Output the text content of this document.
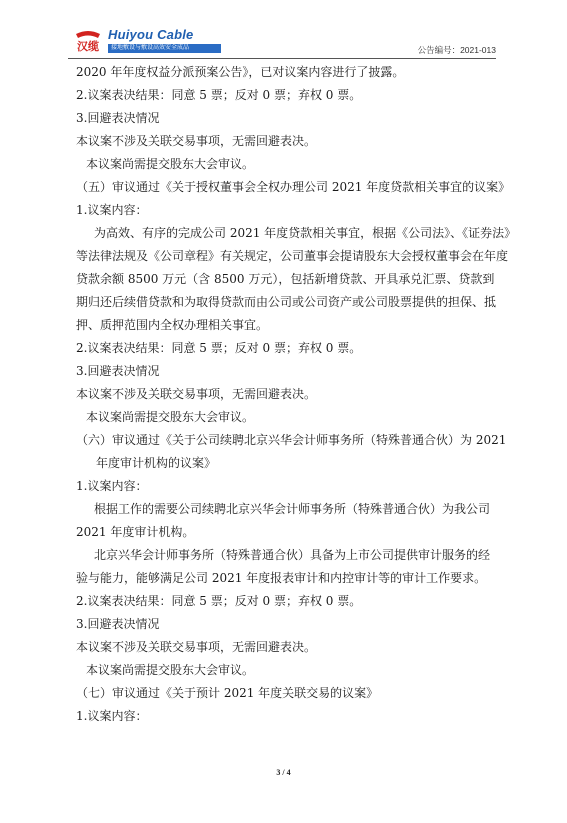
汉缆
Huiyou Cable
接地敷设与敷设高效安全成品	公告编号：2021-013
2020 年年度权益分派预案公告》，已对议案内容进行了披露。
2.议案表决结果：同意 5 票；反对 0 票；弃权 0 票。
3.回避表决情况
本议案不涉及关联交易事项，无需回避表决。
本议案尚需提交股东大会审议。
（五）审议通过《关于授权董事会全权办理公司 2021 年度贷款相关事宜的议案》
1.议案内容：
为高效、有序的完成公司 2021 年度贷款相关事宜，根据《公司法》、《证券法》
等法律法规及《公司章程》有关规定，公司董事会提请股东大会授权董事会在年度
贷款余额 8500 万元（含 8500 万元），包括新增贷款、开具承兑汇票、贷款到
期归还后续借贷款和为取得贷款而由公司或公司资产或公司股票提供的担保、抵
押、质押范围内全权办理相关事宜。
2.议案表决结果：同意 5 票；反对 0 票；弃权 0 票。
3.回避表决情况
本议案不涉及关联交易事项，无需回避表决。
本议案尚需提交股东大会审议。
（六）审议通过《关于公司续聘北京兴华会计师事务所（特殊普通合伙）为 2021
年度审计机构的议案》
1.议案内容：
根据工作的需要公司续聘北京兴华会计师事务所（特殊普通合伙）为我公司
2021 年度审计机构。
北京兴华会计师事务所（特殊普通合伙）具备为上市公司提供审计服务的经
验与能力，能够满足公司 2021 年度报表审计和内控审计等的审计工作要求。
2.议案表决结果：同意 5 票；反对 0 票；弃权 0 票。
3.回避表决情况
本议案不涉及关联交易事项，无需回避表决。
本议案尚需提交股东大会审议。
（七）审议通过《关于预计 2021 年度关联交易的议案》
1.议案内容：
3 / 4
